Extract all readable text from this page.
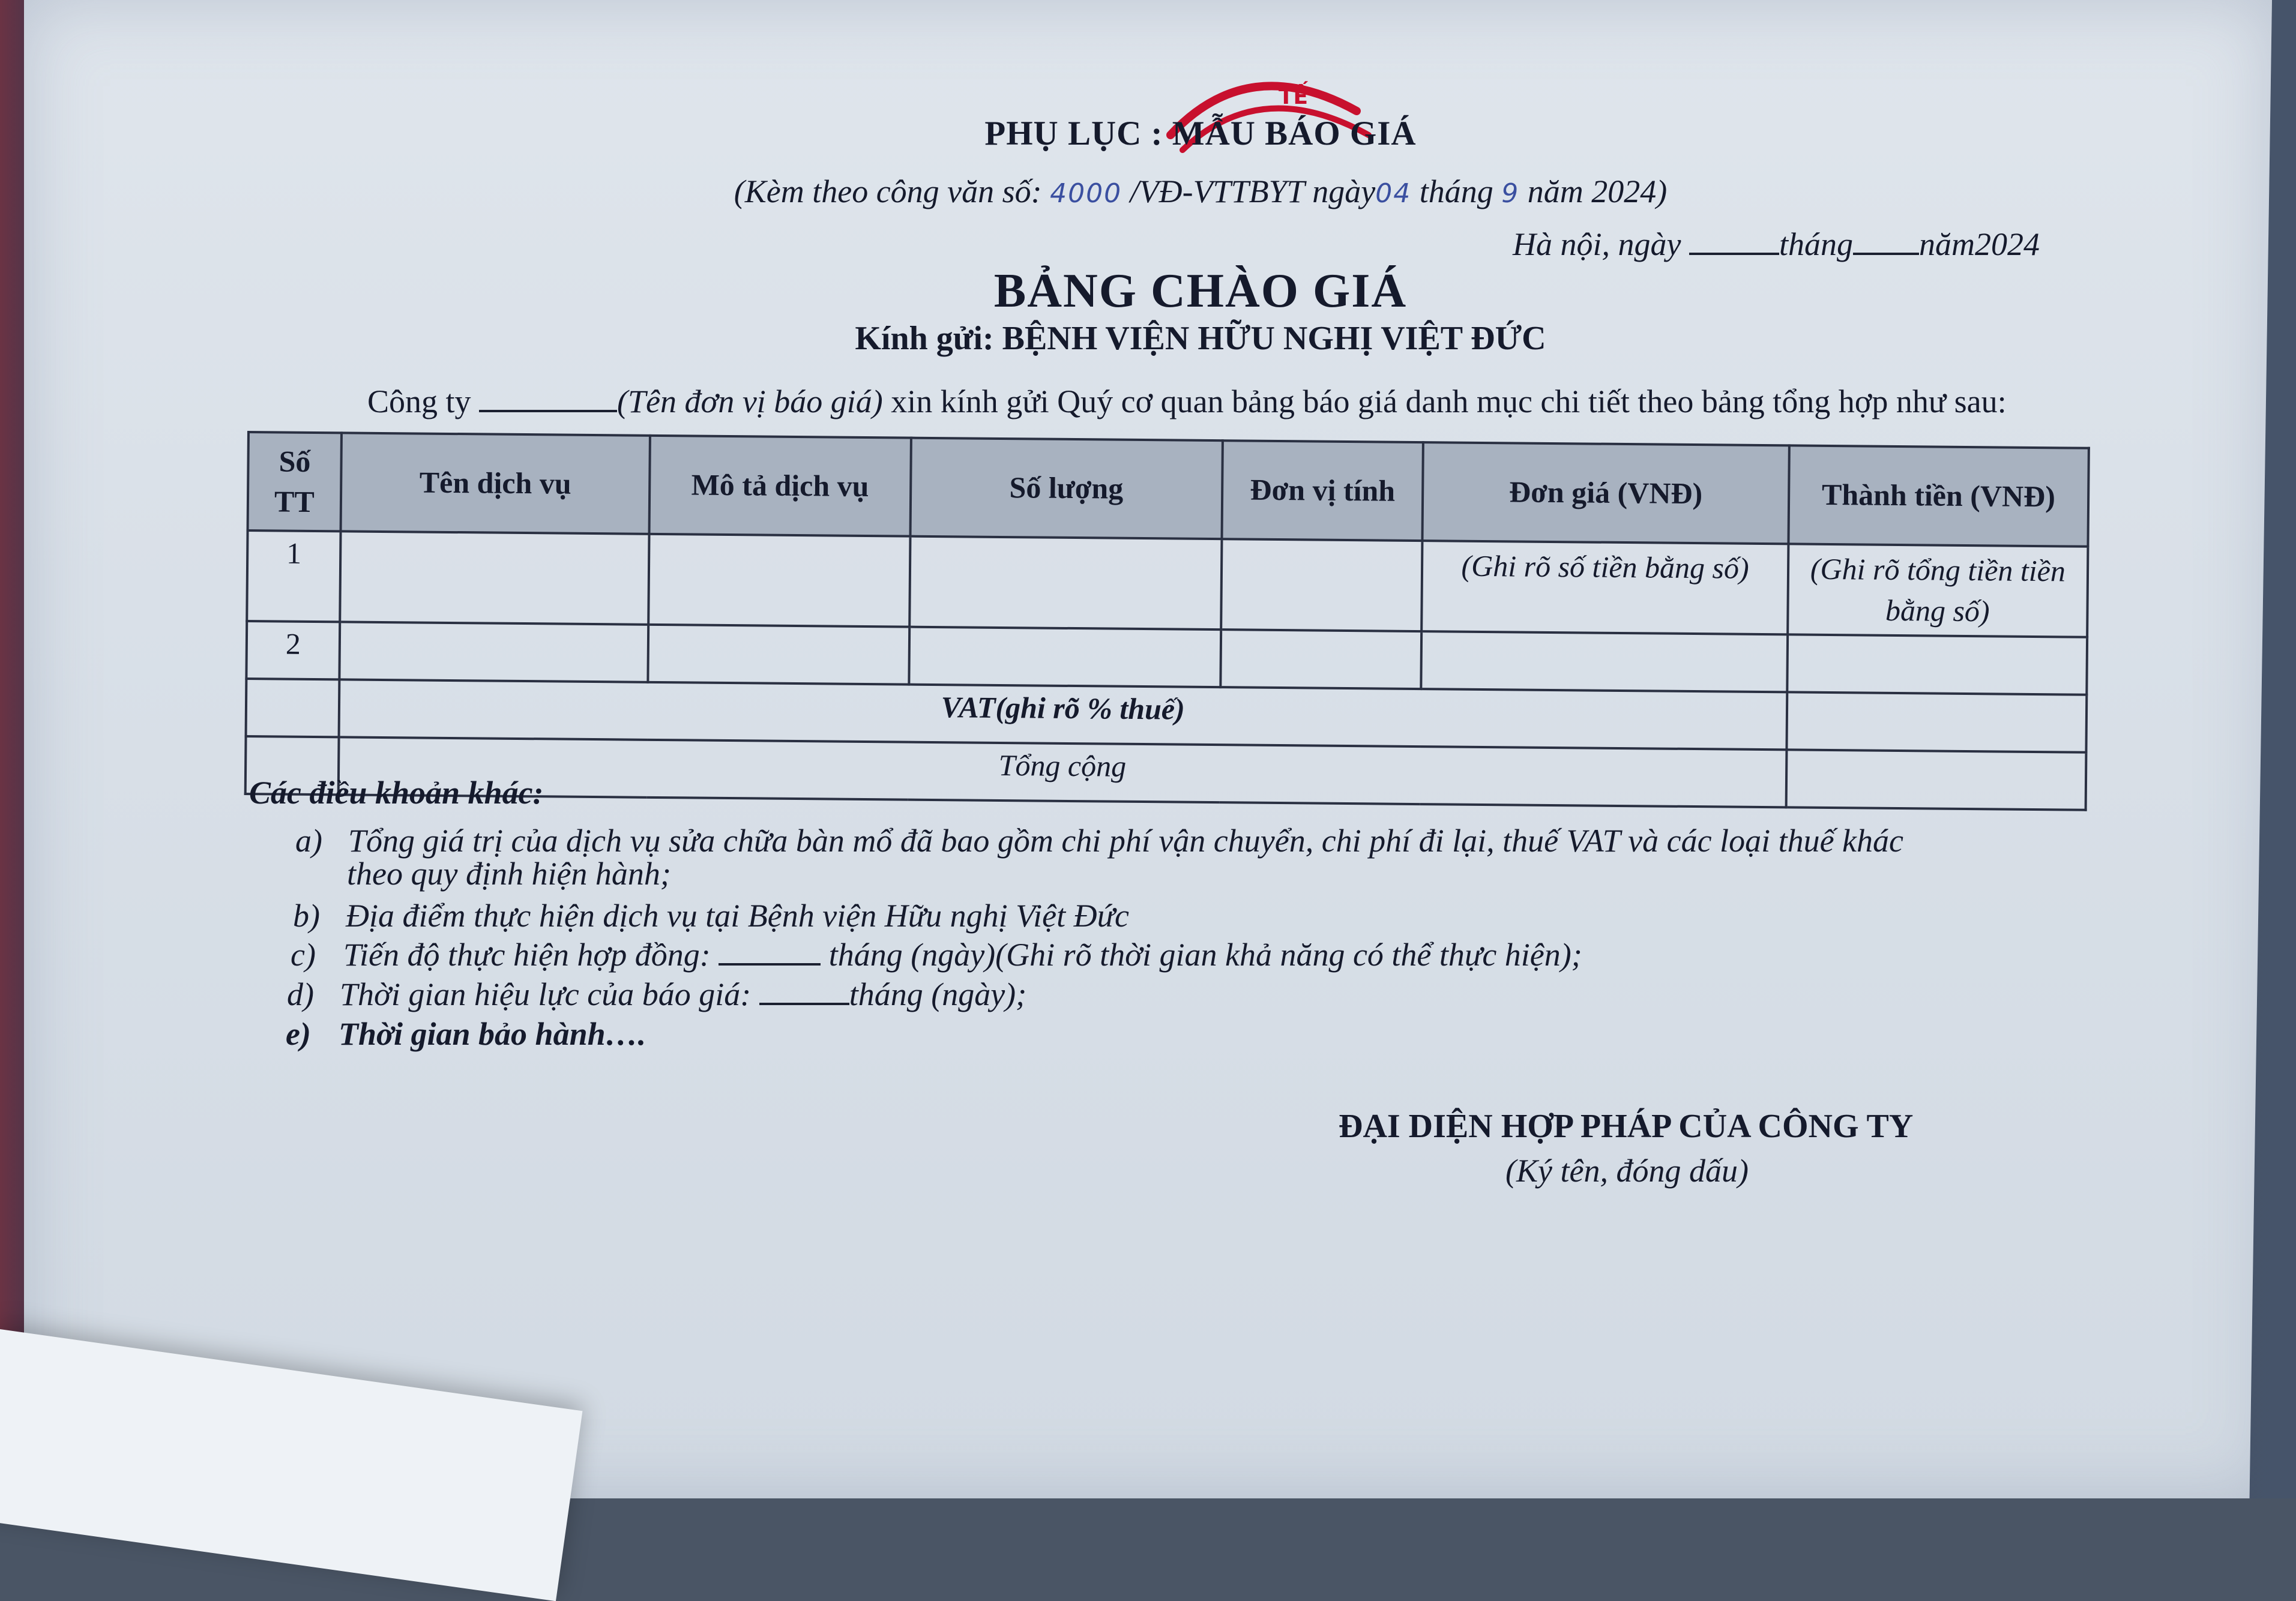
TẾ
PHỤ LỤC : MẪU BÁO GIÁ
(Kèm theo công văn số: 4000 /VĐ-VTTBYT ngày04 tháng 9 năm 2024)
Hà nội, ngày	tháng năm2024
BẢNG CHÀO GIÁ
Kính gửi: BỆNH VIỆN HỮU NGHỊ VIỆT ĐỨC
Công ty	(Tên đơn vị báo giá) xin kính gửi Quý cơ quan bảng báo giá danh mục chi tiết theo bảng tổng hợp như sau:
Số TT	Tên dịch vụ	Mô tả dịch vụ	Số lượng	Đơn vị tính	Đơn giá (VNĐ)	Thành tiền (VNĐ)
1					(Ghi rõ số tiền bằng số)	(Ghi rõ tổng tiền tiền bằng số)
2						
	VAT(ghi rõ % thuế)					
	Tổng cộng					
Các điều khoản khác:
a) Tổng giá trị của dịch vụ sửa chữa bàn mổ đã bao gồm chi phí vận chuyển, chi phí đi lại, thuế VAT và các loại thuế khác
theo quy định hiện hành;
b) Địa điểm thực hiện dịch vụ tại Bệnh viện Hữu nghị Việt Đức
c) Tiến độ thực hiện hợp đồng:	tháng (ngày)(Ghi rõ thời gian khả năng có thể thực hiện);
d) Thời gian hiệu lực của báo giá:	tháng (ngày);
e) Thời gian bảo hành….
ĐẠI DIỆN HỢP PHÁP CỦA CÔNG TY
(Ký tên, đóng dấu)
